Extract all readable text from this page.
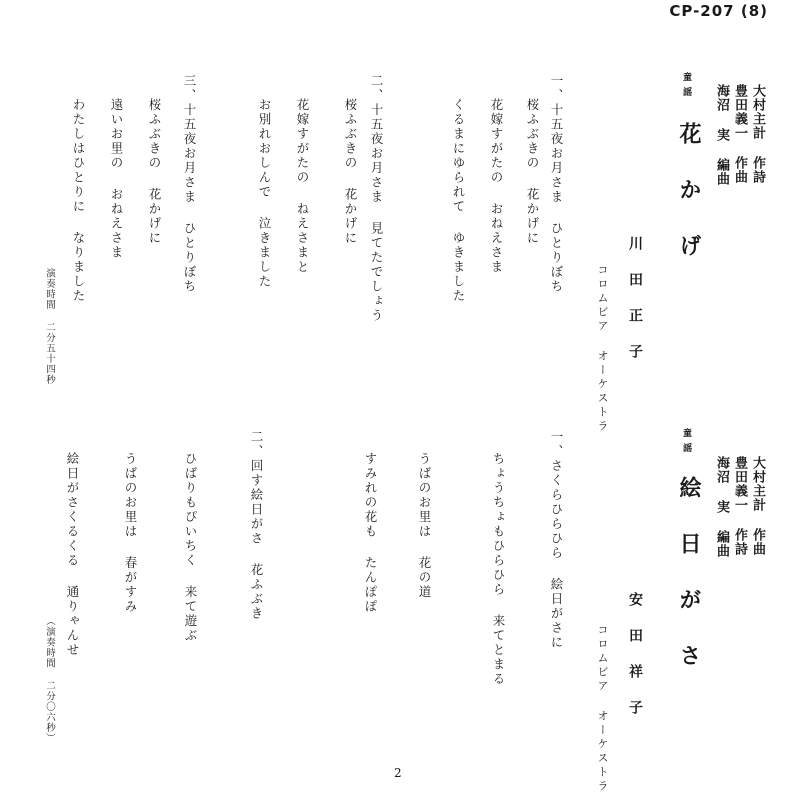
CP-207 (8)
童謡
花かげ	大村主計 作詩
豊田義一 作曲
海沼 実 編曲
川田正子
コロムビア オーケストラ
一、十五夜お月さま ひとりぼち
桜ふぶきの 花かげに
花嫁すがたの おねえさま
くるまにゆられて ゆきました
二、十五夜お月さま 見てたでしょう
桜ふぶきの 花かげに
花嫁すがたの ねえさまと
お別れおしんで 泣きました
三、十五夜お月さま ひとりぼち
桜ふぶきの 花かげに
遠いお里の おねえさま
わたしはひとりに なりました
演奏時間 二分五十四秒
童謡
絵日がさ	大村主計 作曲
豊田義一 作詩
海沼 実 編曲
安田祥子
コロムビア オーケストラ
一、さくらひらひら 絵日がさに
ちょうちょもひらひら 来てとまる
うばのお里は 花の道
すみれの花も たんぽぽ
二、回す絵日がさ 花ふぶき
ひばりもぴいちく 来て遊ぶ
うばのお里は 春がすみ
絵日がさくるくる 通りゃんせ
（演奏時間 二分〇六秒）
2
